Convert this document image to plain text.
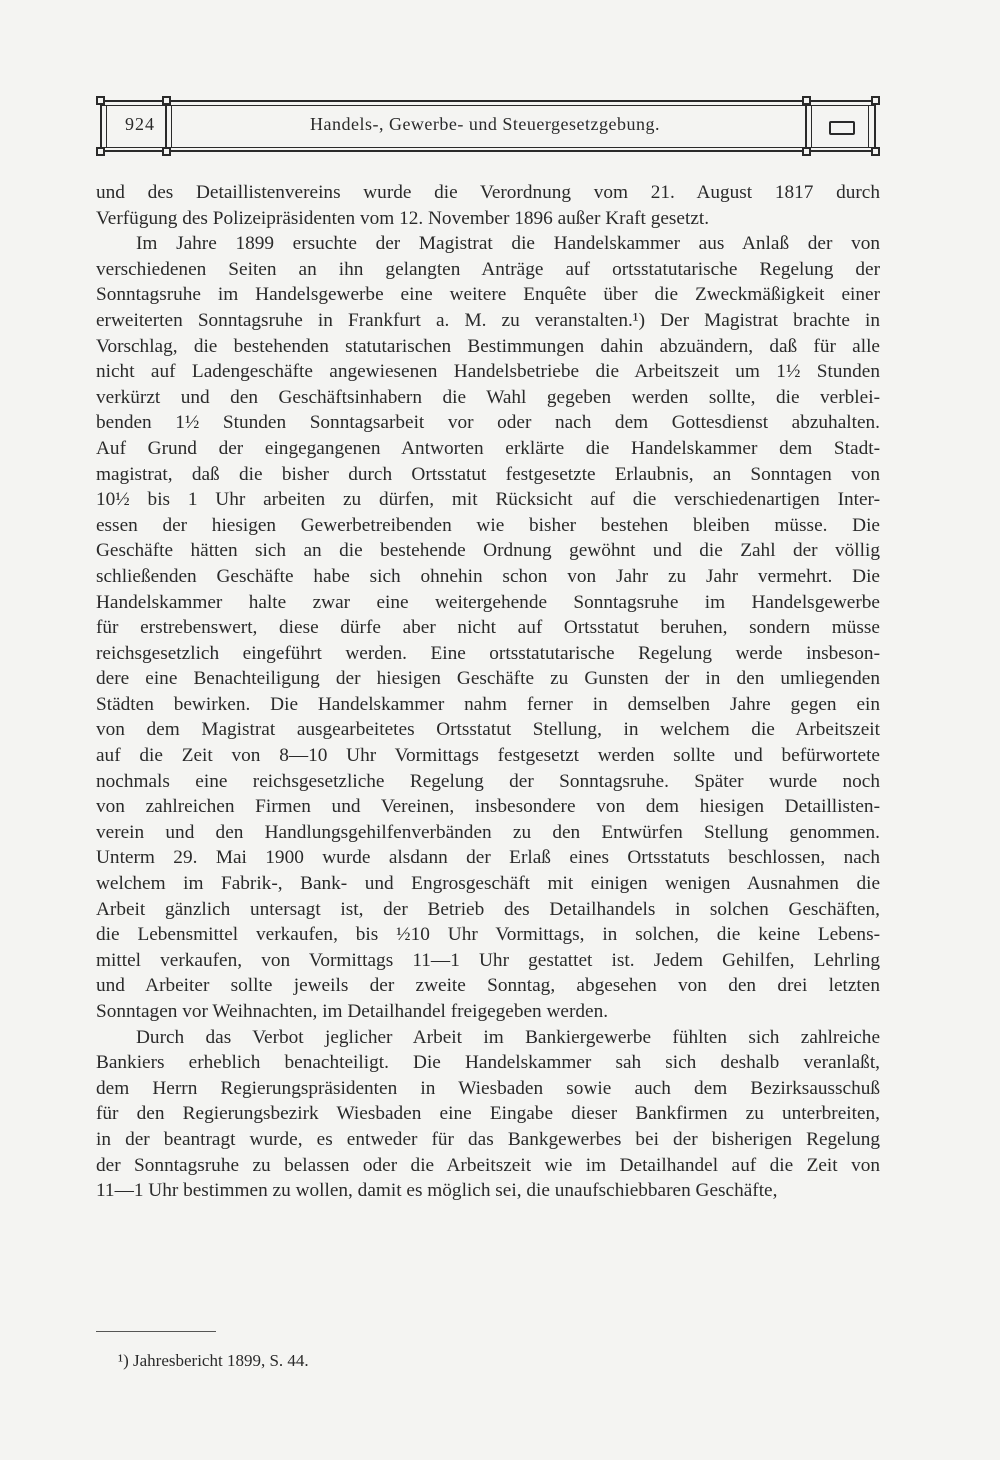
924	Handels-, Gewerbe- und Steuergesetzgebung.
und des Detaillistenvereins wurde die Verordnung vom 21. August 1817 durch
Verfügung des Polizeipräsidenten vom 12. November 1896 außer Kraft gesetzt.
Im Jahre 1899 ersuchte der Magistrat die Handelskammer aus Anlaß der von
verschiedenen Seiten an ihn gelangten Anträge auf ortsstatutarische Regelung der
Sonntagsruhe im Handelsgewerbe eine weitere Enquête über die Zweckmäßigkeit einer
erweiterten Sonntagsruhe in Frankfurt a. M. zu veranstalten.¹) Der Magistrat brachte in
Vorschlag, die bestehenden statutarischen Bestimmungen dahin abzuändern, daß für alle
nicht auf Ladengeschäfte angewiesenen Handelsbetriebe die Arbeitszeit um 1½ Stunden
verkürzt und den Geschäftsinhabern die Wahl gegeben werden sollte, die verblei-
benden 1½ Stunden Sonntagsarbeit vor oder nach dem Gottesdienst abzuhalten.
Auf Grund der eingegangenen Antworten erklärte die Handelskammer dem Stadt-
magistrat, daß die bisher durch Ortsstatut festgesetzte Erlaubnis, an Sonntagen von
10½ bis 1 Uhr arbeiten zu dürfen, mit Rücksicht auf die verschiedenartigen Inter-
essen der hiesigen Gewerbetreibenden wie bisher bestehen bleiben müsse. Die
Geschäfte hätten sich an die bestehende Ordnung gewöhnt und die Zahl der völlig
schließenden Geschäfte habe sich ohnehin schon von Jahr zu Jahr vermehrt. Die
Handelskammer halte zwar eine weitergehende Sonntagsruhe im Handelsgewerbe
für erstrebenswert, diese dürfe aber nicht auf Ortsstatut beruhen, sondern müsse
reichsgesetzlich eingeführt werden. Eine ortsstatutarische Regelung werde insbeson-
dere eine Benachteiligung der hiesigen Geschäfte zu Gunsten der in den umliegenden
Städten bewirken. Die Handelskammer nahm ferner in demselben Jahre gegen ein
von dem Magistrat ausgearbeitetes Ortsstatut Stellung, in welchem die Arbeitszeit
auf die Zeit von 8—10 Uhr Vormittags festgesetzt werden sollte und befürwortete
nochmals eine reichsgesetzliche Regelung der Sonntagsruhe. Später wurde noch
von zahlreichen Firmen und Vereinen, insbesondere von dem hiesigen Detaillisten-
verein und den Handlungsgehilfenverbänden zu den Entwürfen Stellung genommen.
Unterm 29. Mai 1900 wurde alsdann der Erlaß eines Ortsstatuts beschlossen, nach
welchem im Fabrik-, Bank- und Engrosgeschäft mit einigen wenigen Ausnahmen die
Arbeit gänzlich untersagt ist, der Betrieb des Detailhandels in solchen Geschäften,
die Lebensmittel verkaufen, bis ½10 Uhr Vormittags, in solchen, die keine Lebens-
mittel verkaufen, von Vormittags 11—1 Uhr gestattet ist. Jedem Gehilfen, Lehrling
und Arbeiter sollte jeweils der zweite Sonntag, abgesehen von den drei letzten
Sonntagen vor Weihnachten, im Detailhandel freigegeben werden.
Durch das Verbot jeglicher Arbeit im Bankiergewerbe fühlten sich zahlreiche
Bankiers erheblich benachteiligt. Die Handelskammer sah sich deshalb veranlaßt,
dem Herrn Regierungspräsidenten in Wiesbaden sowie auch dem Bezirksausschuß
für den Regierungsbezirk Wiesbaden eine Eingabe dieser Bankfirmen zu unterbreiten,
in der beantragt wurde, es entweder für das Bankgewerbes bei der bisherigen Regelung
der Sonntagsruhe zu belassen oder die Arbeitszeit wie im Detailhandel auf die Zeit von
11—1 Uhr bestimmen zu wollen, damit es möglich sei, die unaufschiebbaren Geschäfte,
¹) Jahresbericht 1899, S. 44.
